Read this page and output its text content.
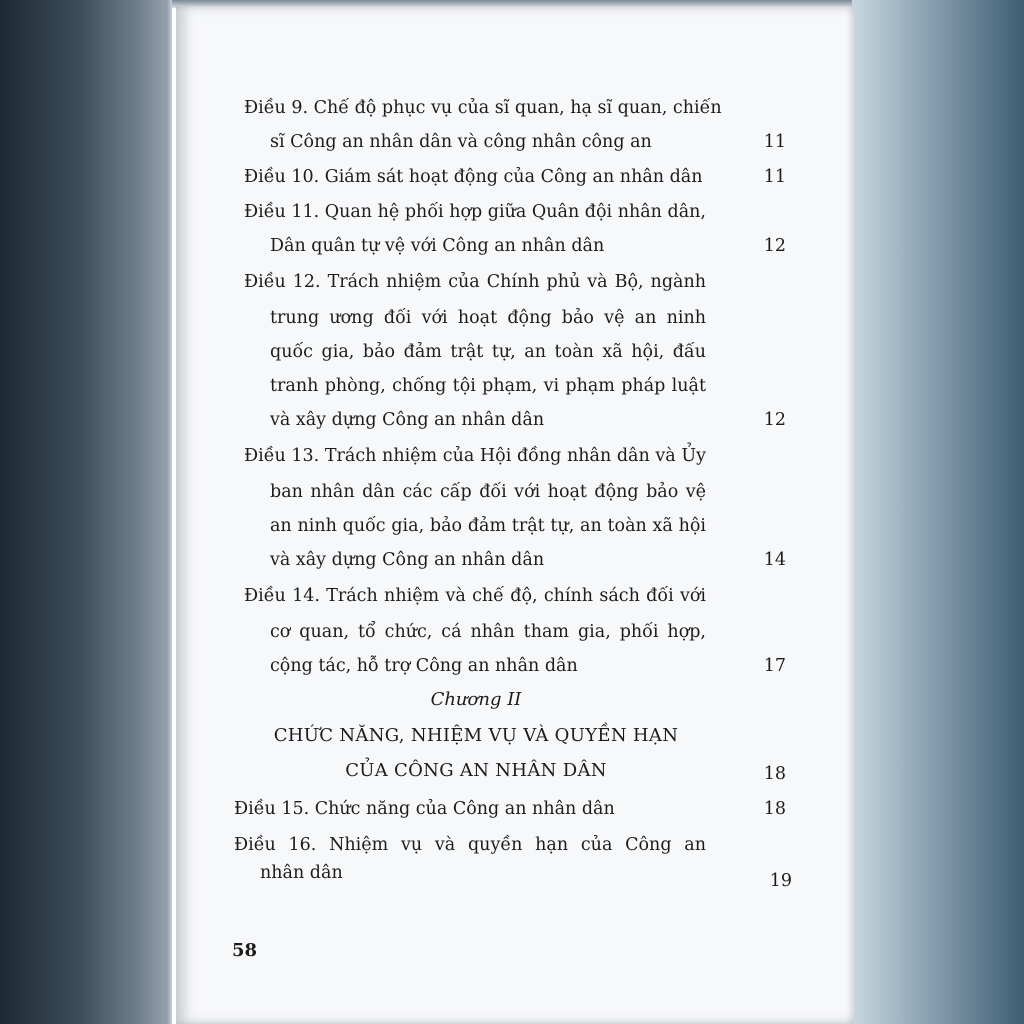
Điều 9. Chế độ phục vụ của sĩ quan, hạ sĩ quan, chiến
sĩ Công an nhân dân và công nhân công an	11
Điều 10. Giám sát hoạt động của Công an nhân dân	11
Điều 11. Quan hệ phối hợp giữa Quân đội nhân dân,
Dân quân tự vệ với Công an nhân dân	12
Điều 12. Trách nhiệm của Chính phủ và Bộ, ngành
trung ương đối với hoạt động bảo vệ an ninh
quốc gia, bảo đảm trật tự, an toàn xã hội, đấu
tranh phòng, chống tội phạm, vi phạm pháp luật
và xây dựng Công an nhân dân	12
Điều 13. Trách nhiệm của Hội đồng nhân dân và Ủy
ban nhân dân các cấp đối với hoạt động bảo vệ
an ninh quốc gia, bảo đảm trật tự, an toàn xã hội
và xây dựng Công an nhân dân	14
Điều 14. Trách nhiệm và chế độ, chính sách đối với
cơ quan, tổ chức, cá nhân tham gia, phối hợp,
cộng tác, hỗ trợ Công an nhân dân	17
Chương II
CHỨC NĂNG, NHIỆM VỤ VÀ QUYỀN HẠN
CỦA CÔNG AN NHÂN DÂN	18
Điều 15. Chức năng của Công an nhân dân	18
Điều 16. Nhiệm vụ và quyền hạn của Công an
nhân dân	19
58
